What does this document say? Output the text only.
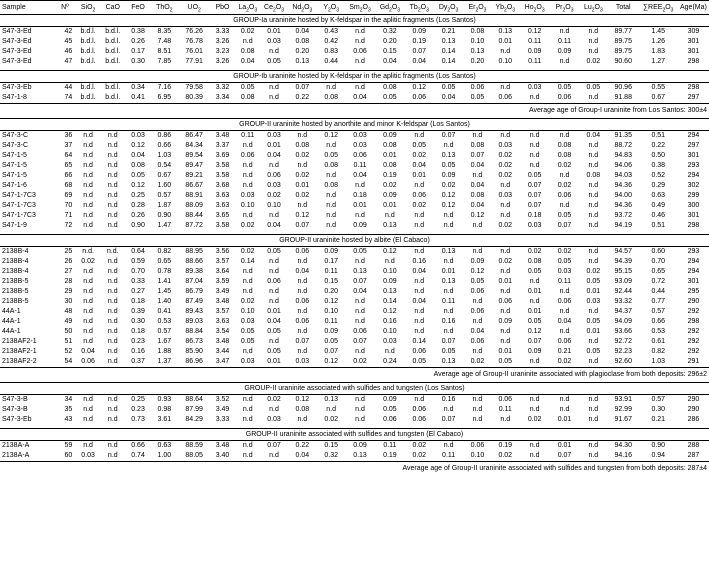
Sample	Nº	SiO$_2$	CaO	FeO	ThO$_2$	$UO_2$	PbO	$La_2O_3$	$Ce_2O_3$	$Nd_2O_3$	$Y_2O_3$	$Sm_2O_3$	$Gd_2O_3$	$Tb_2O_3$	$Dy_2O_3$	$Er_2O_3$	$Yb_2O_3$	$Ho_2O_3$	$Pr_2O_3$	$Lu_2O_3$	Total	$\sum REE_2O_3$	Age(Ma)
GROUP-Ia uraninite hosted by K-feldspar in the aplitic fragments (Los Santos)																							
S47-3-Ed	42	b.d.l.	b.d.l.	0.38	8.35	76.26	3.33	0.02	0.01	0.04	0.43	n.d	0.32	0.09	0.21	0.08	0.13	0.12	n.d	n.d	89.77	1.45	309
S47-3-Ed	45	b.d.l.	b.d.l.	0.26	7.48	76.78	3.26	n.d	0.03	0.08	0.42	n.d	0.20	0.19	0.13	0.10	0.01	0.11	0.11	n.d	89.75	1.26	301
S47-3-Ed	46	b.d.l.	b.d.l.	0.17	8.51	76.01	3.23	0.08	n.d	0.20	0.83	0.06	0.15	0.07	0.14	0.13	n.d	0.09	0.09	n.d	89.75	1.83	301
S47-3-Ed	47	b.d.l.	b.d.l.	0.30	7.85	77.91	3.26	0.04	0.05	0.13	0.44	n.d	0.04	0.04	0.14	0.20	0.10	0.11	n.d	0.02	90.60	1.27	298

GROUP-Ib uraninite hosted by K-feldspar in the aplitic fragments (Los Santos)																							
S47-3-Eb	44	b.d.l.	b.d.l.	0.34	7.16	79.58	3.32	0.05	n.d	0.07	n.d	n.d	0.08	0.12	0.05	0.06	n.d	0.03	0.05	0.05	90.96	0.55	298
S47-1-8	74	b.d.l.	b.d.l.	0.41	6.95	80.39	3.34	0.08	n.d	0.22	0.08	0.04	0.05	0.06	0.04	0.05	0.06	n.d	0.06	n.d	91.88	0.67	297
Average age of Group-I uraninite from Los Santos: 300±4																							
GROUP-II uraninite hosted by anorthite and minor K-feldspar (Los Santos)																							
S47-3-C	36	n.d	n.d	0.03	0.86	86.47	3.48	0.11	0.03	n.d	0.12	0.03	0.09	n.d	0.07	n.d	n.d	n.d	n.d	0.04	91.35	0.51	294
S47-3-C	37	n.d	n.d	0.12	0.66	84.34	3.37	n.d	0.01	0.08	n.d	0.03	0.08	0.05	n.d	0.08	0.03	n.d	0.08	n.d	88.72	0.22	297
S47-1-5	64	n.d	n.d	0.04	1.03	89.54	3.69	0.06	0.04	0.02	0.05	0.06	0.01	0.02	0.13	0.07	0.02	n.d	0.08	n.d	94.83	0.50	301
S47-1-5	65	n.d	n.d	0.08	0.54	89.47	3.58	n.d	n.d	n.d	0.08	0.11	0.08	0.04	0.05	0.04	0.02	n.d	0.02	n.d	94.06	0.38	293
S47-1-5	66	n.d	n.d	0.05	0.67	89.21	3.58	n.d	0.06	0.02	n.d	0.04	0.19	0.01	0.09	n.d	0.02	0.05	n.d	0.08	94.03	0.52	294
S47-1-6	68	n.d	n.d	0.12	1.60	86.67	3.68	n.d	0.03	0.01	0.08	n.d	0.02	n.d	0.02	0.04	n.d	0.07	0.02	n.d	94.36	0.29	302
S47-1-7C3	69	n.d	n.d	0.25	0.57	88.91	3.63	0.03	0.02	0.02	n.d	0.18	0.09	0.06	0.12	0.08	0.03	0.07	0.06	n.d	94.00	0.63	299
S47-1-7C3	70	n.d	n.d	0.28	1.87	88.09	3.63	0.10	0.10	n.d	n.d	0.01	0.01	0.02	0.12	0.04	n.d	0.07	n.d	n.d	94.36	0.49	300
S47-1-7C3	71	n.d	n.d	0.26	0.90	88.44	3.65	n.d	n.d	0.12	n.d	n.d	n.d	n.d	n.d	0.12	n.d	0.18	0.05	n.d	93.72	0.46	301
S47-1-9	72	n.d	n.d	0.90	1.47	87.72	3.58	0.02	0.04	0.07	n.d	0.09	0.13	n.d	n.d	n.d	0.02	0.03	0.07	n.d	94.19	0.51	298

GROUP-II uraninite hosted by albite (El Cabaco)																							
2138B-4	25	n.d.	n.d.	0.64	0.82	88.95	3.56	0.02	0.05	0.06	0.09	0.05	0.12	n.d	0.13	n.d	n.d	0.02	0.02	n.d	94.57	0.60	293
2138B-4	26	0.02	n.d	0.59	0.65	88.66	3.57	0.14	n.d	n.d	0.17	n.d	n.d	0.16	n.d	0.09	0.02	0.08	0.05	n.d	94.39	0.70	294
2138B-4	27	n.d	n.d	0.70	0.78	89.38	3.64	n.d	n.d	0.04	0.11	0.13	0.10	0.04	0.01	0.12	n.d	0.05	0.03	0.02	95.15	0.65	294
2138B-5	28	n.d	n.d	0.33	1.41	87.04	3.59	n.d	0.06	n.d	0.15	0.07	0.09	n.d	0.13	0.05	0.01	n.d	0.11	0.05	93.09	0.72	301
2138B-5	29	n.d	n.d	0.27	1.45	86.79	3.49	n.d	n.d	n.d	0.20	0.04	0.13	n.d	n.d	0.06	n.d	0.01	n.d	0.01	92.44	0.44	295
2138B-5	30	n.d	n.d	0.18	1.40	87.49	3.48	0.02	n.d	0.06	0.12	n.d	0.14	0.04	0.11	n.d	0.06	n.d	0.06	0.03	93.32	0.77	290
44A-1	48	n.d	n.d	0.39	0.41	89.43	3.57	0.10	0.01	n.d	0.10	n.d	0.12	n.d	n.d	0.06	n.d	0.01	n.d	n.d	94.37	0.57	292
44A-1	49	n.d	n.d	0.30	0.53	89.03	3.63	0.03	0.04	0.06	0.11	n.d	0.16	n.d	0.16	n.d	0.09	0.05	0.04	0.05	94.09	0.66	298
44A-1	50	n.d	n.d	0.18	0.57	88.84	3.54	0.05	0.05	n.d	0.09	0.06	0.10	n.d	n.d	0.04	n.d	0.12	n.d	0.01	93.66	0.53	292
2138AF2-1	51	n.d	n.d	0.23	1.67	86.73	3.48	0.05	n.d	0.07	0.05	0.07	0.03	0.14	0.07	0.06	n.d	0.07	0.06	n.d	92.72	0.61	292
2138AF2-1	52	0.04	n.d	0.16	1.88	85.90	3.44	n.d	0.05	n.d	0.07	n.d	n.d	0.06	0.05	n.d	0.01	0.09	0.21	0.05	92.23	0.82	292
2138AF2-2	54	0.06	n.d	0.37	1.37	86.96	3.47	0.03	0.01	0.03	0.12	0.02	0.24	0.05	0.13	0.02	0.05	n.d	0.02	n.d	92.60	1.03	291
Average age of Group-II uraninite associated with plagioclase from both deposits: 296±2																							
GROUP-II uraninite associated with sulfides and tungsten (Los Santos)																							
S47-3-B	34	n.d	n.d	0.25	0.93	88.64	3.52	n.d	0.02	0.12	0.13	n.d	0.09	n.d	0.16	n.d	0.06	n.d	n.d	n.d	93.91	0.57	290
S47-3-B	35	n.d	n.d	0.23	0.98	87.99	3.49	n.d	n.d	0.08	n.d	n.d	0.05	0.06	n.d	n.d	0.11	n.d	n.d	n.d	92.99	0.30	290
S47-3-Eb	43	n.d	n.d	0.73	3.61	84.29	3.33	n.d	0.03	n.d	0.02	n.d	0.06	0.06	0.07	n.d	n.d	0.02	0.01	n.d	91.67	0.21	286

GROUP-II uraninite associated with sulfides and tungsten (El Cabaco)																							
2138A-A	59	n.d	n.d	0.66	0.63	88.59	3.48	n.d	0.07	0.22	0.15	0.09	0.11	0.02	n.d	0.06	0.19	n.d	0.01	n.d	94.30	0.90	288
2138A-A	60	0.03	n.d	0.74	1.00	88.05	3.40	n.d	n.d	0.04	0.32	0.13	0.19	0.02	0.11	0.10	0.02	n.d	0.07	n.d	94.16	0.94	287
Average age of Group-II uraninite associated with sulfides and tungsten from both deposits: 287±4																							
